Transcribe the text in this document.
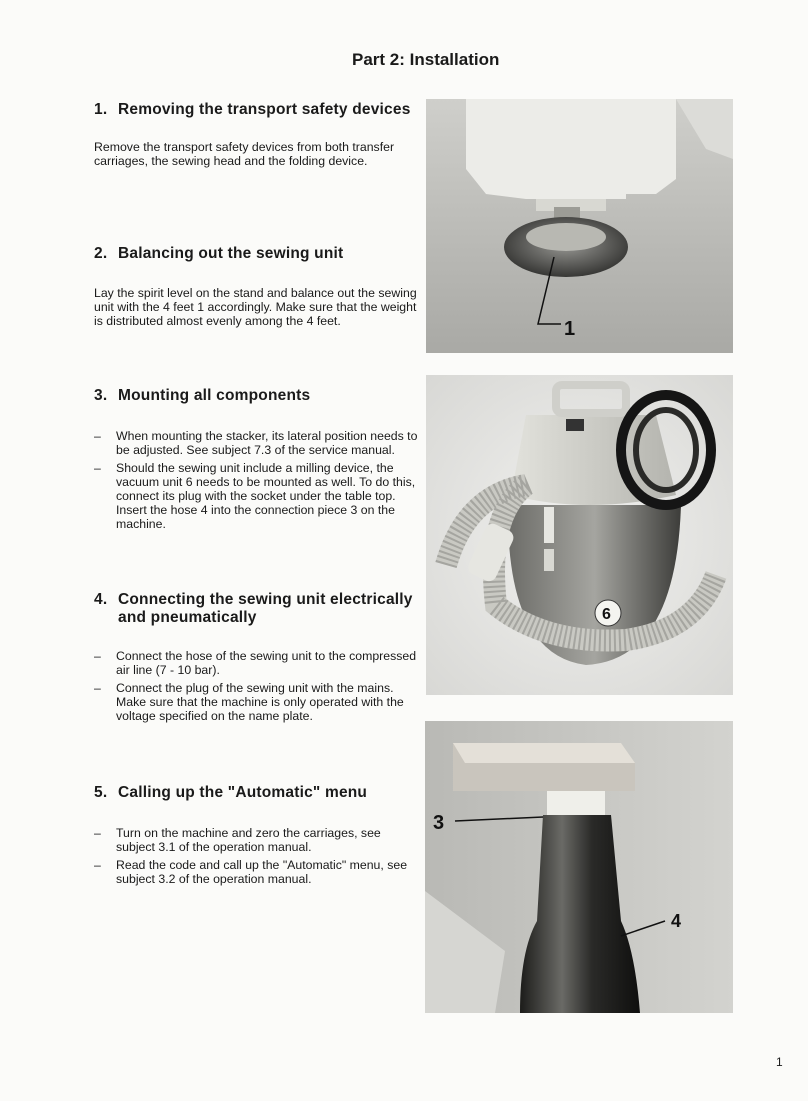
Part 2: Installation
1. Removing the transport safety devices
Remove the transport safety devices from both transfer carriages, the sewing head and the folding device.
2. Balancing out the sewing unit
Lay the spirit level on the stand and balance out the sewing unit with the 4 feet 1 accordingly. Make sure that the weight is distributed almost evenly among the 4 feet.
3. Mounting all components
–	When mounting the stacker, its lateral position needs to be adjusted. See subject 7.3 of the service manual.
–	Should the sewing unit include a milling device, the vacuum unit 6 needs to be mounted as well. To do this, connect its plug with the socket under the table top. Insert the hose 4 into the connection piece 3 on the machine.
4. Connecting the sewing unit electrically and pneumatically
–	Connect the hose of the sewing unit to the compressed air line (7 - 10 bar).
–	Connect the plug of the sewing unit with the mains. Make sure that the machine is only operated with the voltage specified on the name plate.
5. Calling up the "Automatic" menu
–	Turn on the machine and zero the carriages, see subject 3.1 of the operation manual.
–	Read the code and call up the "Automatic" menu, see subject 3.2 of the operation manual.
1
6
3
4
1
